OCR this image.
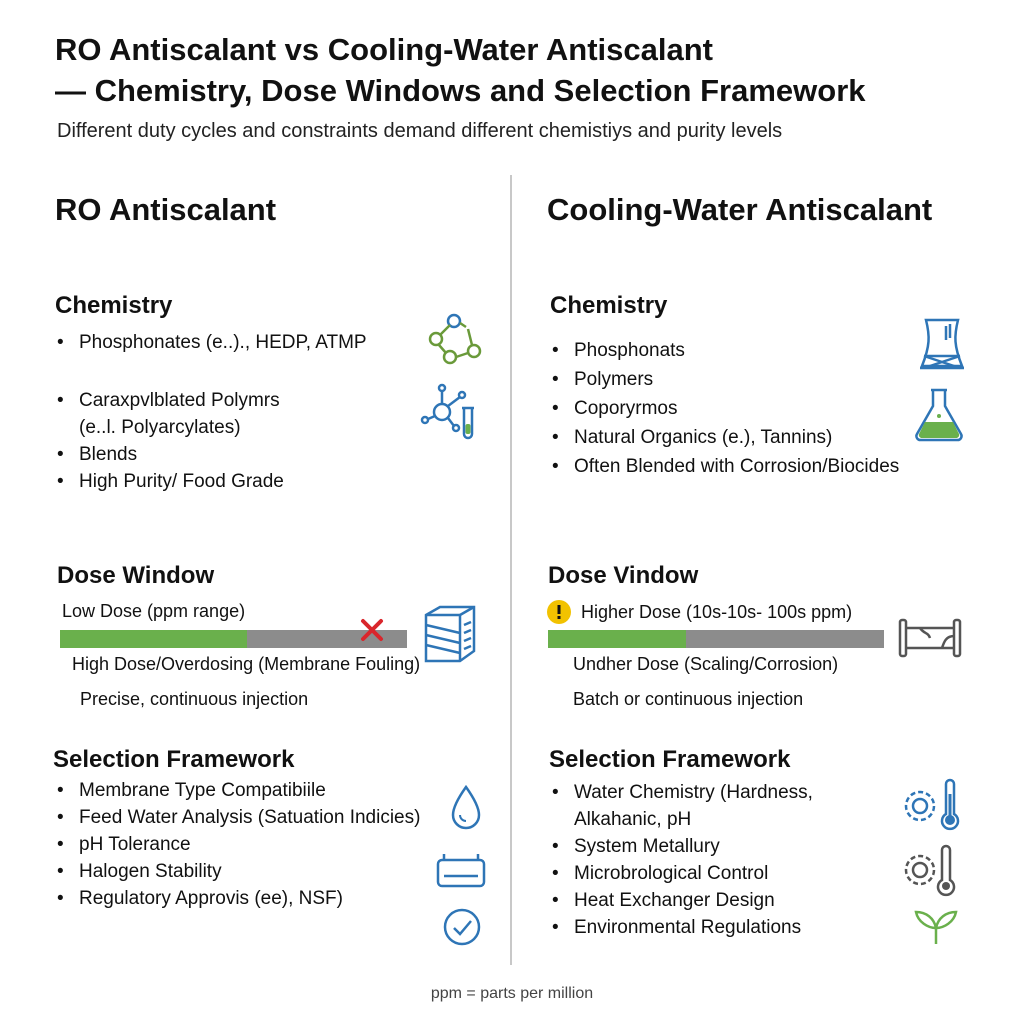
RO Antiscalant vs Cooling-Water Antiscalant
— Chemistry, Dose Windows and Selection Framework
Different duty cycles and constraints demand different chemistiys and purity levels
RO Antiscalant
Chemistry
• Phosphonates (e..)., HEDP, ATMP
• Caraxpvlblated Polymrs
(e..l. Polyarcylates)
• Blends
• High Purity/ Food Grade
Dose Window
Low Dose (ppm range)
High Dose/Overdosing (Membrane Fouling)
Precise, continuous injection
Selection Framework
• Membrane Type Compatibiile
• Feed Water Analysis (Satuation Indicies)
• pH Tolerance
• Halogen Stability
• Regulatory Approvis (ee), NSF)
Cooling-Water Antiscalant
Chemistry
• Phosphonats
• Polymers
• Coporyrmos
• Natural Organics (e.), Tannins)
• Often Blended with Corrosion/Biocides
Dose Vindow
Higher Dose (10s-10s- 100s ppm)
Undher Dose (Scaling/Corrosion)
Batch or continuous injection
Selection Framework
• Water Chemistry (Hardness,
Alkahanic, pH
• System Metallury
• Microbrological Control
• Heat Exchanger Design
• Environmental Regulations
ppm = parts per million
